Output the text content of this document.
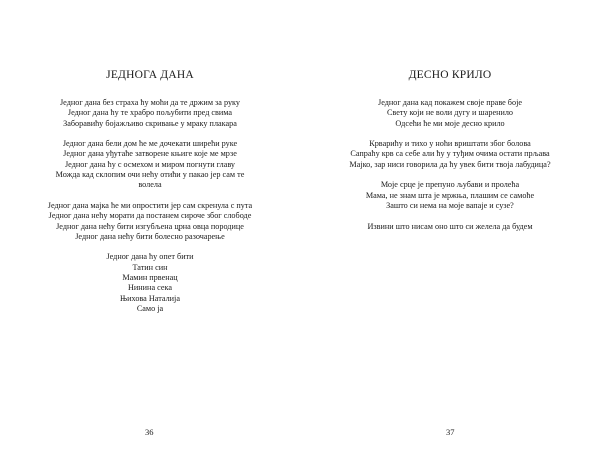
ЈЕДНОГА ДАНА
Једног дана без страха ћу моћи да те држим за руку
Једног дана ћу те храбро пољубити пред свима
Заборавићу бојажљиво скривање у мраку плакара
Једног дана бели дом ће ме дочекати ширећи руке
Једног дана уђутаће затворене књиге које ме мрзе
Једног дана ћу с осмехом и миром погнути главу
Можда кад склопим очи нећу отићи у пакао јер сам те
волела
Једног дана мајка ће ми опростити јер сам скренула с пута
Једног дана нећу морати да постанем сироче због слободе
Једног дана нећу бити изгубљена црна овца породице
Једног дана нећу бити болесно разочарење
Једног дана ћу опет бити
Татин син
Мамин првенац
Нинина сека
Њихова Наталија
Само ја
36
ДЕСНО КРИЛО
Једног дана кад покажем своје праве боје
Свету који не воли дугу и шаренило
Одсећи ће ми моје десно крило
Крварићу и тихо у ноћи вриштати због болова
Сапраћу крв са себе али ћу у туђим очима остати прљава
Мајко, зар ниси говорила да ћу увек бити твоја лабудица?
Моје срце је препуно љубави и пролећа
Мама, не знам шта је мржња, плашим се самоће
Зашто си нема на моје вапаје и сузе?
Извини што нисам оно што си желела да будем
37
